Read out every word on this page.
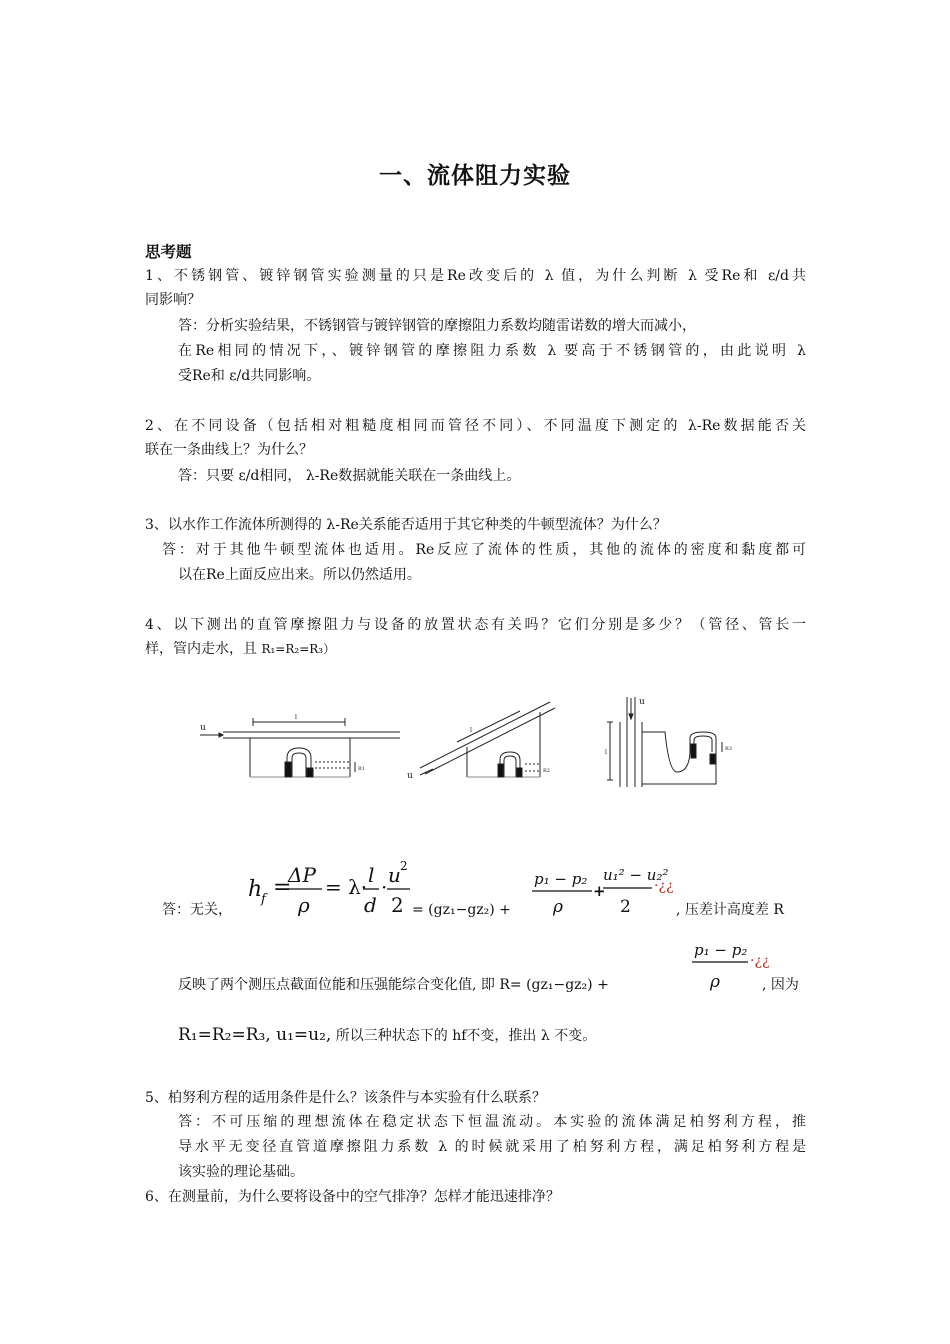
一、流体阻力实验
思考题
1、不锈钢管、镀锌钢管实验测量的只是Re改变后的 λ 值，为什么判断 λ 受Re和 ε/d共
同影响？
答：分析实验结果，不锈钢管与镀锌钢管的摩擦阻力系数均随雷诺数的增大而减小，
在Re相同的情况下，、镀锌钢管的摩擦阻力系数 λ 要高于不锈钢管的，由此说明 λ
受Re和 ε/d共同影响。
2、在不同设备（包括相对粗糙度相同而管径不同）、不同温度下测定的 λ-Re数据能否关
联在一条曲线上？为什么？
答：只要 ε/d相同， λ-Re数据就能关联在一条曲线上。
3、以水作工作流体所测得的 λ-Re关系能否适用于其它种类的牛顿型流体？为什么？
答：对于其他牛顿型流体也适用。Re反应了流体的性质，其他的流体的密度和黏度都可
以在Re上面反应出来。所以仍然适用。
4、以下测出的直管摩擦阻力与设备的放置状态有关吗？它们分别是多少？（管径、管长一
样，管内走水，且 R₁=R₂=R₃）
u
l
R1
u
l
R2
u
l	R3
答：无关，
h
f =
ΔP
ρ
= λ· l
d
· u 2
2 = (gz₁−gz₂) +
p₁ − p₂
ρ
+
u₁² − u₂²
2
·¿¿
, 压差计高度差 R
反映了两个测压点截面位能和压强能综合变化值, 即 R= (gz₁−gz₂) +
p₁ − p₂
ρ
·¿¿
, 因为
R₁=R₂=R₃, u₁=u₂, 所以三种状态下的 hf不变，推出 λ 不变。
5、柏努利方程的适用条件是什么？该条件与本实验有什么联系？
答：不可压缩的理想流体在稳定状态下恒温流动。本实验的流体满足柏努利方程，推
导水平无变径直管道摩擦阻力系数 λ 的时候就采用了柏努利方程，满足柏努利方程是
该实验的理论基础。
6、在测量前，为什么要将设备中的空气排净？怎样才能迅速排净？
